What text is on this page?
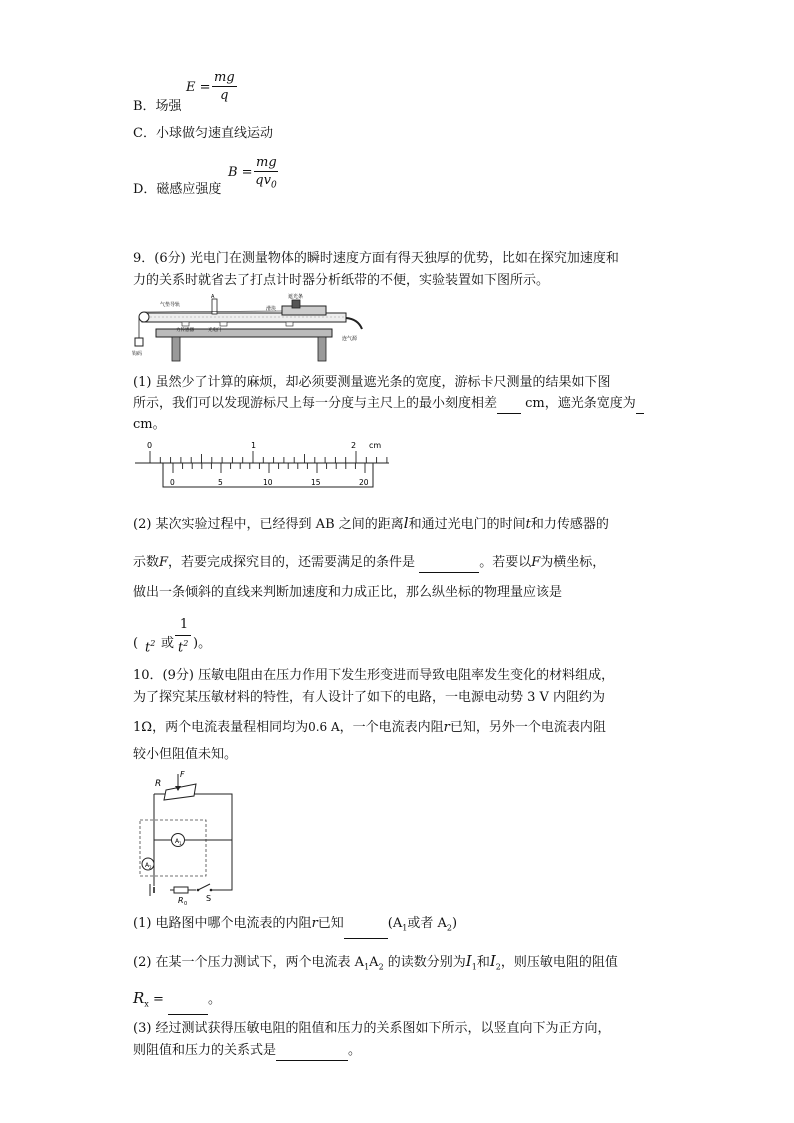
E =
mg
q
B．场强
C．小球做匀速直线运动
B =
mg
$qv_0$
D．磁感应强度
9．(6分) 光电门在测量物体的瞬时速度方面有得天独厚的优势，比如在探究加速度和
力的关系时就省去了打点计时器分析纸带的不便，实验装置如下图所示。
气垫导轨
A	遮光条
滑块
力传感器	光电门
连气源
钩码
(1) 虽然少了计算的麻烦，却必须要测量遮光条的宽度，游标卡尺测量的结果如下图
所示，我们可以发现游标尺上每一分度与主尺上的最小刻度相差 cm，遮光条宽度为
cm。
0	1	2 cm
0	5	10	15	20
(2) 某次实验过程中，已经得到 AB 之间的距离l和通过光电门的时间t和力传感器的
示数F，若要完成探究目的，还需要满足的条件是	。若要以F为横坐标，
做出一条倾斜的直线来判断加速度和力成正比，那么纵坐标的物理量应该是
( $t^2$ 或
1
$t^2$ )。
10．(9分) 压敏电阻由在压力作用下发生形变进而导致电阻率发生变化的材料组成，
为了探究某压敏材料的特性，有人设计了如下的电路，一电源电动势 3 V 内阻约为
1Ω，两个电流表量程相同均为0.6 A，一个电流表内阻r已知，另外一个电流表内阻
较小但阻值未知。
R
F
A 1
A 2
R 0
S
(1) 电路图中哪个电流表的内阻r已知	($A_1$或者 $A_2$)
(2) 在某一个压力测试下，两个电流表 $A_1A_2$ 的读数分别为$I_1$和$I_2$，则压敏电阻的阻值
$R_x$ =	。
(3) 经过测试获得压敏电阻的阻值和压力的关系图如下所示，以竖直向下为正方向，
则阻值和压力的关系式是	。
